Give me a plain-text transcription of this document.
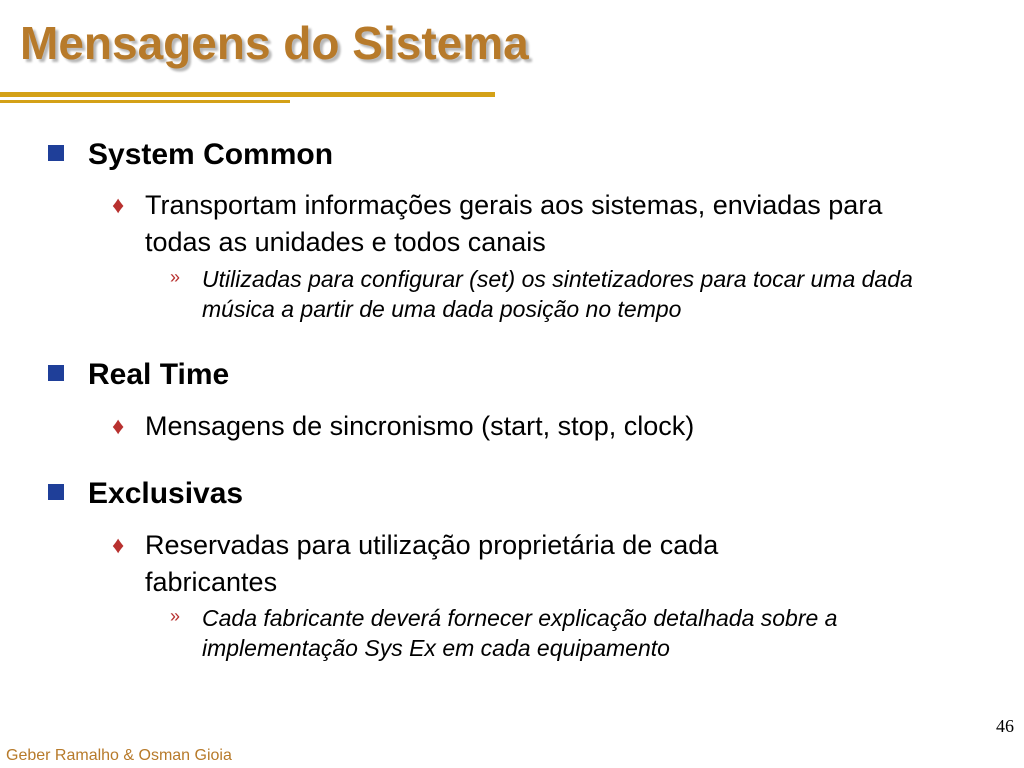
Mensagens do Sistema
System Common
♦ Transportam informações gerais aos sistemas, enviadas para todas as unidades e todos canais
» Utilizadas para configurar (set) os sintetizadores para tocar uma dada música a partir de uma dada posição no tempo
Real Time
♦ Mensagens de sincronismo (start, stop, clock)
Exclusivas
♦ Reservadas para utilização proprietária de cada fabricantes
» Cada fabricante deverá fornecer explicação detalhada sobre a implementação Sys Ex em cada equipamento
46
Geber Ramalho & Osman Gioia
